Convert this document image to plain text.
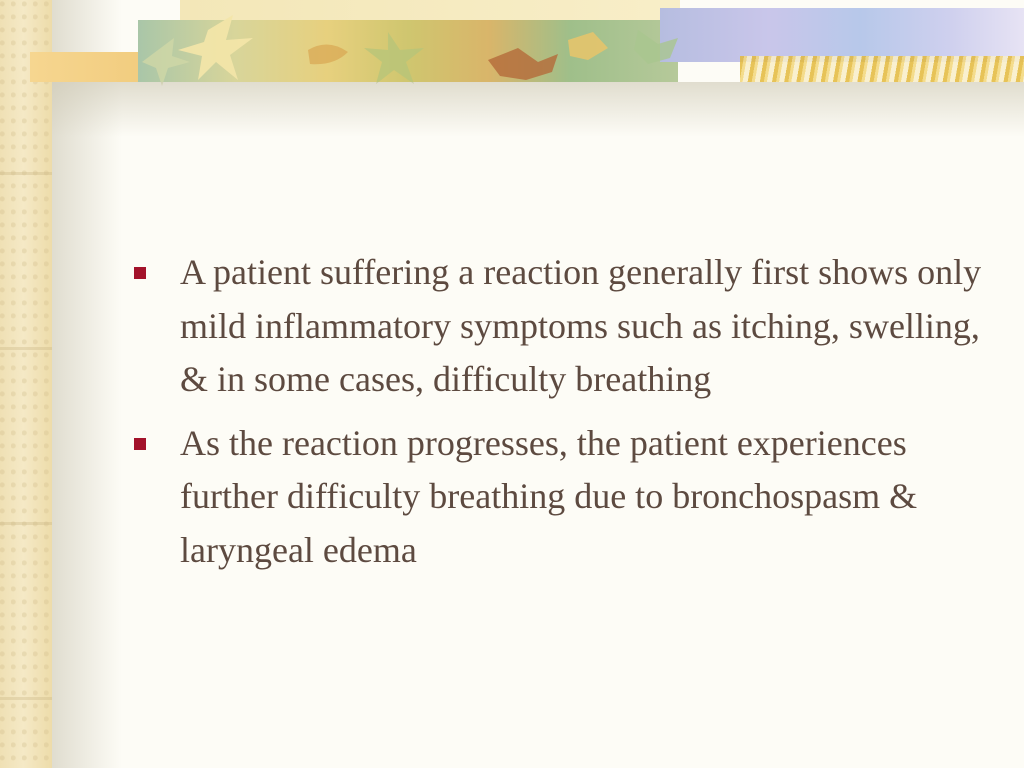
A patient suffering a reaction generally first shows only mild inflammatory symptoms such as itching, swelling, & in some cases, difficulty breathing
As the reaction progresses, the patient experiences further difficulty breathing due to bronchospasm & laryngeal edema
